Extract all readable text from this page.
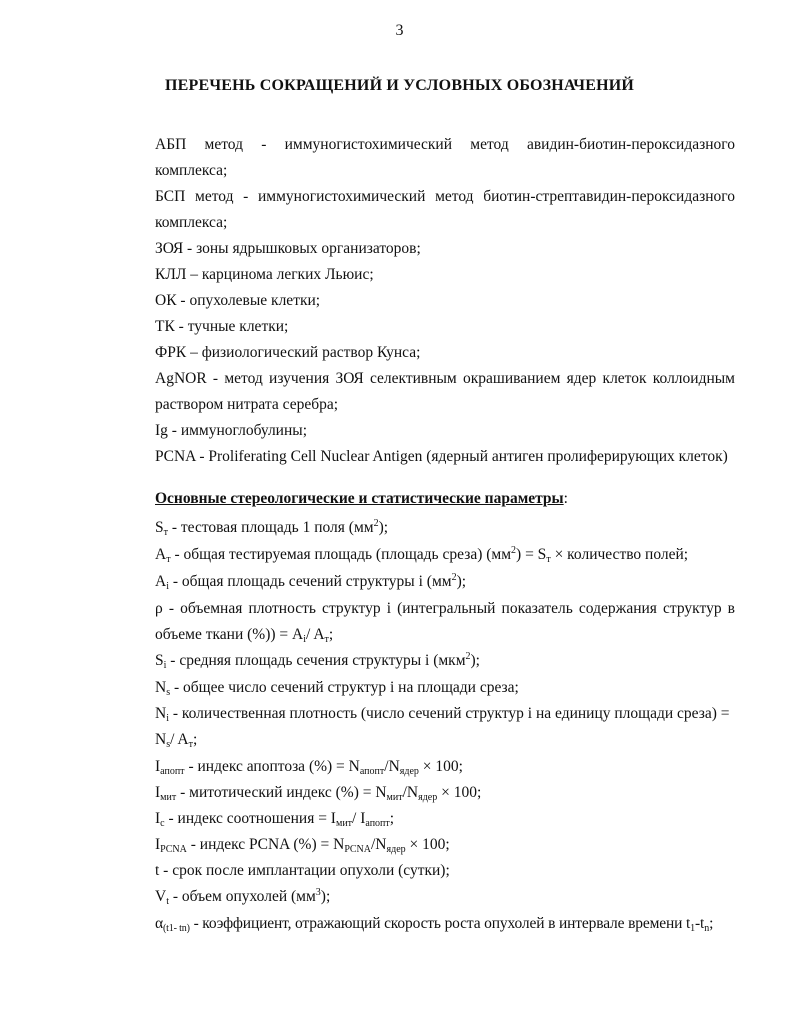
3
ПЕРЕЧЕНЬ СОКРАЩЕНИЙ И УСЛОВНЫХ ОБОЗНАЧЕНИЙ
АБП метод - иммуногистохимический метод авидин-биотин-пероксидазного
комплекса;
БСП метод - иммуногистохимический метод биотин-стрептавидин-пероксидазного
комплекса;
ЗОЯ - зоны ядрышковых организаторов;
КЛЛ – карцинома легких Льюис;
ОК - опухолевые клетки;
ТК - тучные клетки;
ФРК – физиологический раствор Кунса;
AgNOR - метод изучения ЗОЯ селективным окрашиванием ядер клеток коллоидным
раствором нитрата серебра;
Ig - иммуноглобулины;
PCNA - Proliferating Cell Nuclear Antigen (ядерный антиген пролиферирующих клеток)
Основные стереологические и статистические параметры:
$S_т$ - тестовая площадь 1 поля $(мм^2)$;
$A_т$ - общая тестируемая площадь (площадь среза) $(мм^2) = S_т$ × количество полей;
$A_i$ - общая площадь сечений структуры i $(мм^2)$;
ρ - объемная плотность структур i (интегральный показатель содержания структур в
объеме ткани (%)) = $A_i/$ $A_т$;
$S_i$ - средняя площадь сечения структуры i (мкм$^2$);
$N_s$ - общее число сечений структур i на площади среза;
$N_i$ - количественная плотность (число сечений структур i на единицу площади среза) =
$N_s/$ $A_т$;
$I_{апопт}$ - индекс апоптоза (%) = $N_{апопт}/N_{ядер} \times 100$;
$I_{мит}$ - митотический индекс (%) = $N_{мит}/N_{ядер} \times 100$;
$I_c$ - индекс соотношения = $I_{мит}/$ $I_{апопт}$;
$I_{PCNA}$ - индекс PCNA (%) = $N_{PCNA}/N_{ядер} \times 100$;
t - срок после имплантации опухоли (сутки);
$V_t$ - объем опухолей $(мм^3)$;
$\alpha_{(t1- tn)}$ - коэффициент, отражающий скорость роста опухолей в интервале времени $t_1-t_n$;
